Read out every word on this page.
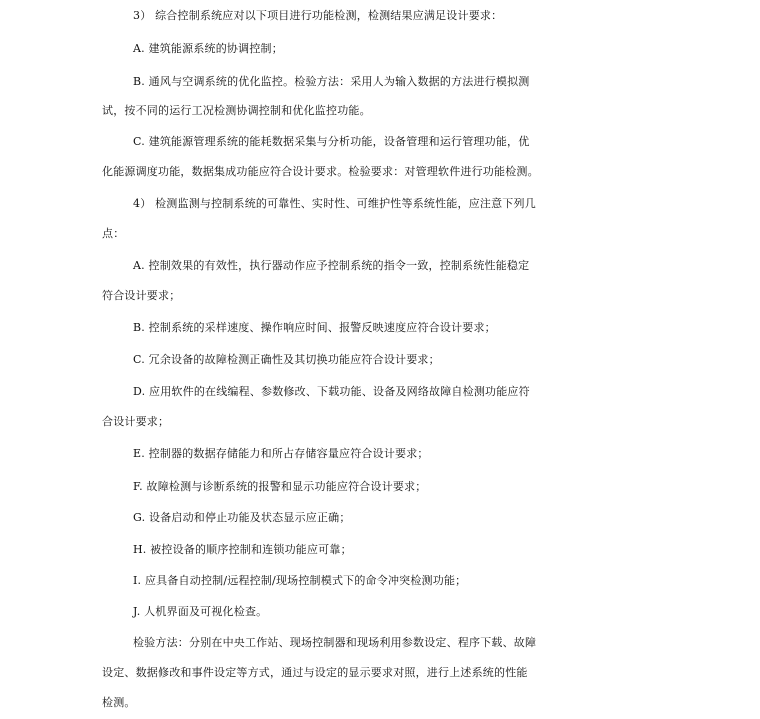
3） 综合控制系统应对以下项目进行功能检测，检测结果应满足设计要求：
A. 建筑能源系统的协调控制；
B. 通风与空调系统的优化监控。检验方法：采用人为输入数据的方法进行模拟测
试，按不同的运行工况检测协调控制和优化监控功能。
C. 建筑能源管理系统的能耗数据采集与分析功能，设备管理和运行管理功能，优
化能源调度功能，数据集成功能应符合设计要求。检验要求：对管理软件进行功能检测。
4） 检测监测与控制系统的可靠性、实时性、可维护性等系统性能，应注意下列几
点：
A. 控制效果的有效性，执行器动作应予控制系统的指令一致，控制系统性能稳定
符合设计要求；
B. 控制系统的采样速度、操作响应时间、报警反映速度应符合设计要求；
C. 冗余设备的故障检测正确性及其切换功能应符合设计要求；
D. 应用软件的在线编程、参数修改、下载功能、设备及网络故障自检测功能应符
合设计要求；
E. 控制器的数据存储能力和所占存储容量应符合设计要求；
F. 故障检测与诊断系统的报警和显示功能应符合设计要求；
G. 设备启动和停止功能及状态显示应正确；
H. 被控设备的顺序控制和连锁功能应可靠；
I. 应具备自动控制/远程控制/现场控制模式下的命令冲突检测功能；
J. 人机界面及可视化检查。
检验方法：分别在中央工作站、现场控制器和现场利用参数设定、程序下载、故障
设定、数据修改和事件设定等方式，通过与设定的显示要求对照，进行上述系统的性能
检测。
